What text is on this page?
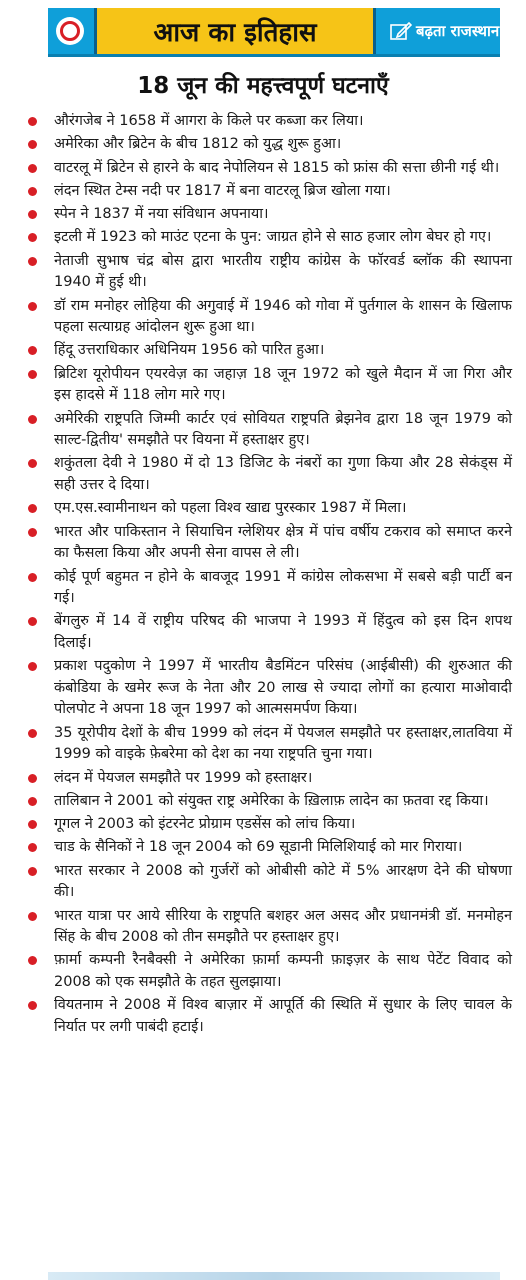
आज का इतिहास	बढ़ता राजस्थान
18 जून की महत्त्वपूर्ण घटनाएँ
औरंगजेब ने 1658 में आगरा के किले पर कब्जा कर लिया।
अमेरिका और ब्रिटेन के बीच 1812 को युद्ध शुरू हुआ।
वाटरलू में ब्रिटेन से हारने के बाद नेपोलियन से 1815 को फ्रांस की सत्ता छीनी गई थी।
लंदन स्थित टेम्स नदी पर 1817 में बना वाटरलू ब्रिज खोला गया।
स्पेन ने 1837 में नया संविधान अपनाया।
इटली में 1923 को माउंट एटना के पुन: जाग्रत होने से साठ हजार लोग बेघर हो गए।
नेताजी सुभाष चंद्र बोस द्वारा भारतीय राष्ट्रीय कांग्रेस के फॉरवर्ड ब्लॉक की स्थापना 1940 में हुई थी।
डॉ राम मनोहर लोहिया की अगुवाई में 1946 को गोवा में पुर्तगाल के शासन के खिलाफ पहला सत्याग्रह आंदोलन शुरू हुआ था।
हिंदू उत्तराधिकार अधिनियम 1956 को पारित हुआ।
ब्रिटिश यूरोपीयन एयरवेज़ का जहाज़ 18 जून 1972 को खुले मैदान में जा गिरा और इस हादसे में 118 लोग मारे गए।
अमेरिकी राष्ट्रपति जिम्मी कार्टर एवं सोवियत राष्ट्रपति ब्रेझनेव द्वारा 18 जून 1979 को साल्ट-द्वितीय' समझौते पर वियना में हस्ताक्षर हुए।
शकुंतला देवी ने 1980 में दो 13 डिजिट के नंबरों का गुणा किया और 28 सेकंड्स में सही उत्तर दे दिया।
एम.एस.स्वामीनाथन को पहला विश्व खाद्य पुरस्कार 1987 में मिला।
भारत और पाकिस्तान ने सियाचिन ग्लेशियर क्षेत्र में पांच वर्षीय टकराव को समाप्त करने का फैसला किया और अपनी सेना वापस ले ली।
कोई पूर्ण बहुमत न होने के बावजूद 1991 में कांग्रेस लोकसभा में सबसे बड़ी पार्टी बन गई।
बेंगलुरु में 14 वें राष्ट्रीय परिषद की भाजपा ने 1993 में हिंदुत्व को इस दिन शपथ दिलाई।
प्रकाश पदुकोण ने 1997 में भारतीय बैडमिंटन परिसंघ (आईबीसी) की शुरुआत की कंबोडिया के खमेर रूज के नेता और 20 लाख से ज्यादा लोगों का हत्यारा माओवादी पोलपोट ने अपना 18 जून 1997 को आत्मसमर्पण किया।
35 यूरोपीय देशों के बीच 1999 को लंदन में पेयजल समझौते पर हस्ताक्षर,लातविया में 1999 को वाइके फ़ेबरेमा को देश का नया राष्ट्रपति चुना गया।
लंदन में पेयजल समझौते पर 1999 को हस्ताक्षर।
तालिबान ने 2001 को संयुक्त राष्ट्र अमेरिका के ख़िलाफ़ लादेन का फ़तवा रद्द किया।
गूगल ने 2003 को इंटरनेट प्रोग्राम एडसेंस को लांच किया।
चाड के सैनिकों ने 18 जून 2004 को 69 सूडानी मिलिशियाई को मार गिराया।
भारत सरकार ने 2008 को गुर्जरों को ओबीसी कोटे में 5% आरक्षण देने की घोषणा की।
भारत यात्रा पर आये सीरिया के राष्ट्रपति बशहर अल असद और प्रधानमंत्री डॉ. मनमोहन सिंह के बीच 2008 को तीन समझौते पर हस्ताक्षर हुए।
फ़ार्मा कम्पनी रैनबैक्सी ने अमेरिका फ़ार्मा कम्पनी फ़ाइज़र के साथ पेटेंट विवाद को 2008 को एक समझौते के तहत सुलझाया।
वियतनाम ने 2008 में विश्व बाज़ार में आपूर्ति की स्थिति में सुधार के लिए चावल के निर्यात पर लगी पाबंदी हटाई।
